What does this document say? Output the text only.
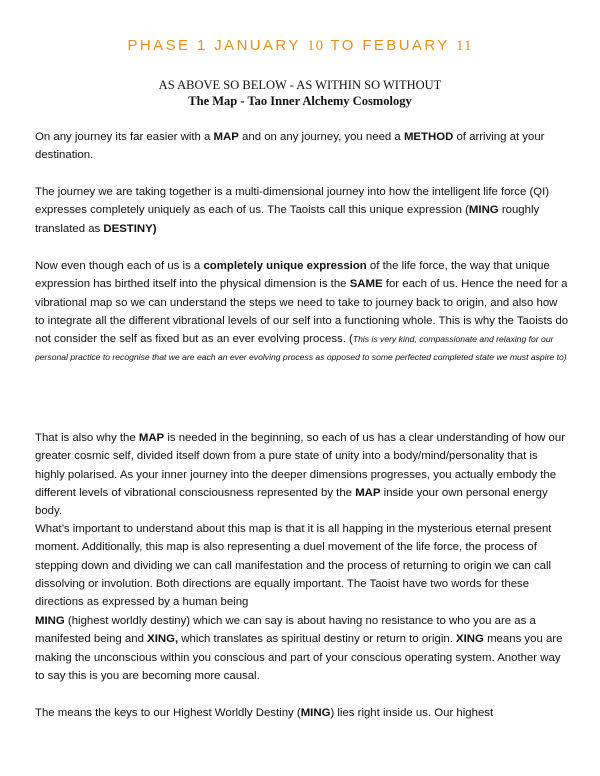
PHASE 1 JANUARY 10 TO FEBUARY 11
AS ABOVE SO BELOW - AS WITHIN SO WITHOUT
The Map - Tao Inner Alchemy Cosmology
On any journey its far easier with a MAP and on any journey, you need a METHOD of arriving at your destination.
The journey we are taking together is a multi-dimensional journey into how the intelligent life force (QI) expresses completely uniquely as each of us. The Taoists call this unique expression (MING roughly translated as DESTINY)
Now even though each of us is a completely unique expression of the life force, the way that unique expression has birthed itself into the physical dimension is the SAME for each of us. Hence the need for a vibrational map so we can understand the steps we need to take to journey back to origin, and also how to integrate all the different vibrational levels of our self into a functioning whole. This is why the Taoists do not consider the self as fixed but as an ever evolving process. (This is very kind, compassionate and relaxing for our personal practice to recognise that we are each an ever evolving process as opposed to some perfected completed state we must aspire to)
That is also why the MAP is needed in the beginning, so each of us has a clear understanding of how our greater cosmic self, divided itself down from a pure state of unity into a body/mind/personality that is highly polarised. As your inner journey into the deeper dimensions progresses, you actually embody the different levels of vibrational consciousness represented by the MAP inside your own personal energy body.
What’s important to understand about this map is that it is all happing in the mysterious eternal present moment. Additionally, this map is also representing a duel movement of the life force, the process of stepping down and dividing we can call manifestation and the process of returning to origin we can call dissolving or involution. Both directions are equally important. The Taoist have two words for these directions as expressed by a human being
MING (highest worldly destiny) which we can say is about having no resistance to who you are as a manifested being and XING, which translates as spiritual destiny or return to origin. XING means you are making the unconscious within you conscious and part of your conscious operating system. Another way to say this is you are becoming more causal.
The means the keys to our Highest Worldly Destiny (MING) lies right inside us. Our highest
